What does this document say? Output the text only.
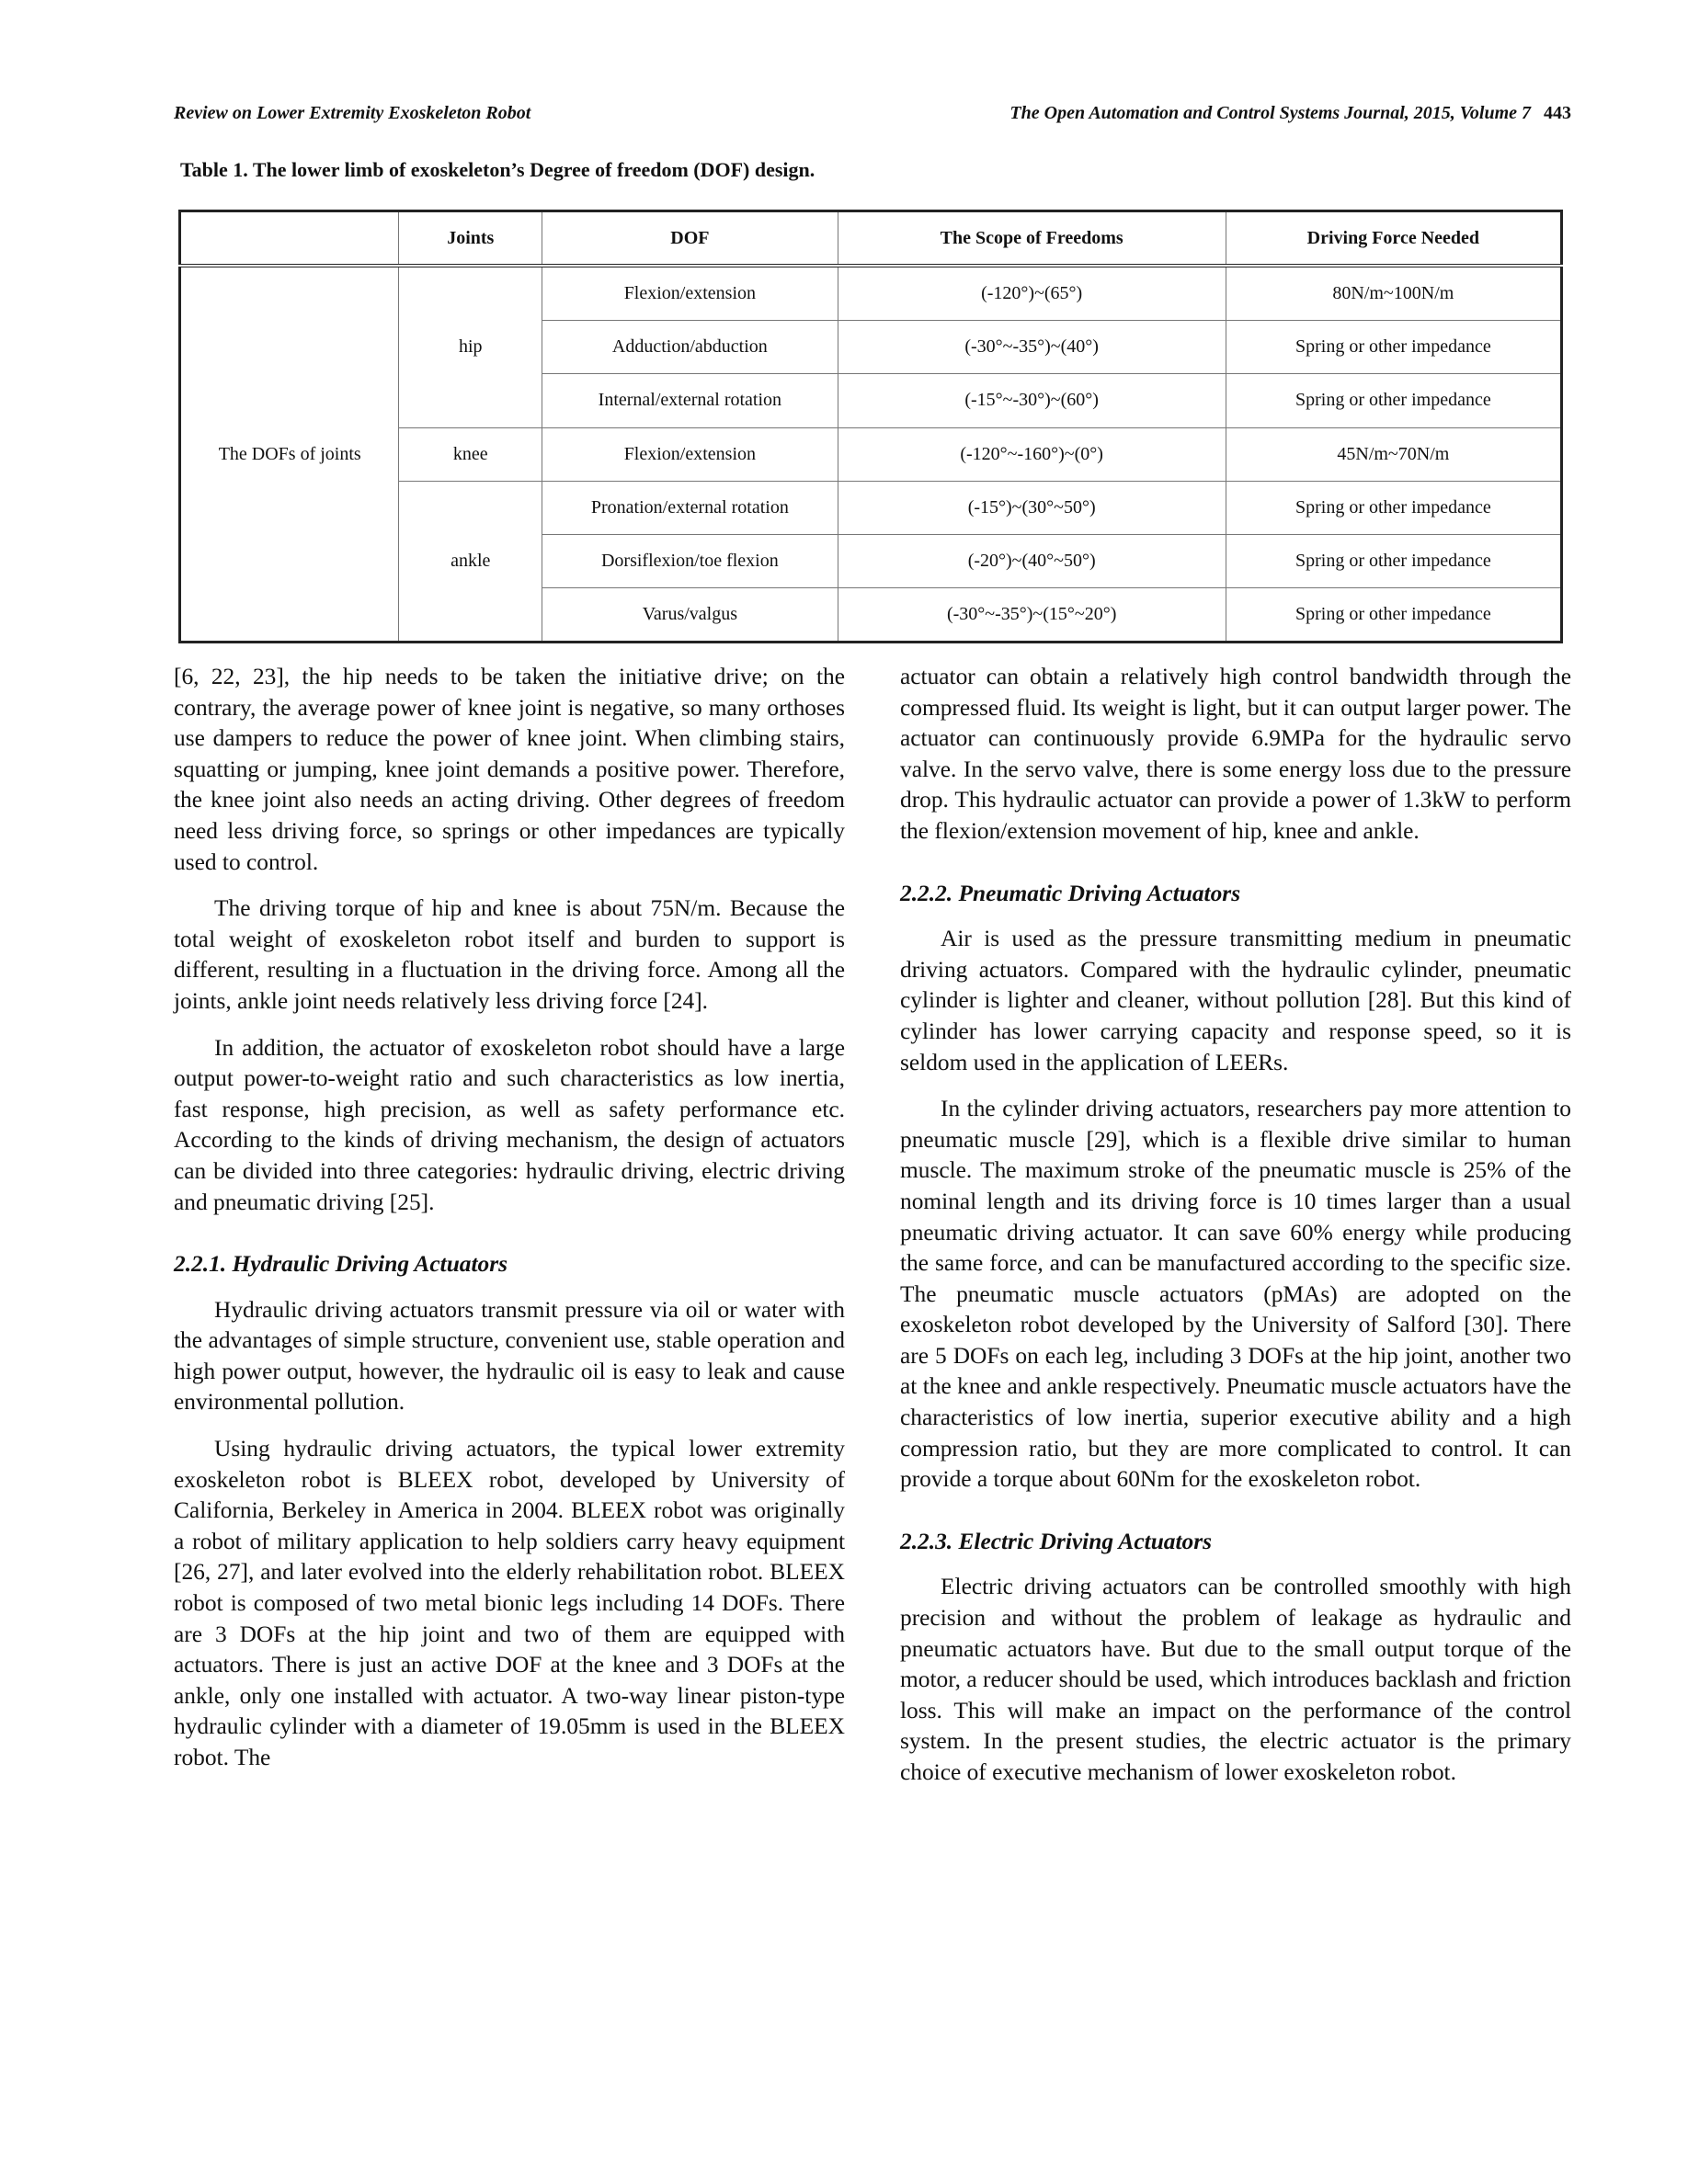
Review on Lower Extremity Exoskeleton Robot	The Open Automation and Control Systems Journal, 2015, Volume 7 443
Table 1. The lower limb of exoskeleton’s Degree of freedom (DOF) design.
	Joints	DOF	The Scope of Freedoms	Driving Force Needed
The DOFs of joints	hip	Flexion/extension	(-120°)~(65°)	80N/m~100N/m
		Adduction/abduction	(-30°~-35°)~(40°)	Spring or other impedance
		Internal/external rotation	(-15°~-30°)~(60°)	Spring or other impedance
	knee	Flexion/extension	(-120°~-160°)~(0°)	45N/m~70N/m
	ankle	Pronation/external rotation	(-15°)~(30°~50°)	Spring or other impedance
		Dorsiflexion/toe flexion	(-20°)~(40°~50°)	Spring or other impedance
		Varus/valgus	(-30°~-35°)~(15°~20°)	Spring or other impedance

[6, 22, 23], the hip needs to be taken the initiative drive; on the contrary, the average power of knee joint is negative, so many orthoses use dampers to reduce the power of knee joint. When climbing stairs, squatting or jumping, knee joint demands a positive power. Therefore, the knee joint also needs an acting driving. Other degrees of freedom need less driving force, so springs or other impedances are typically used to control.

The driving torque of hip and knee is about 75N/m. Because the total weight of exoskeleton robot itself and burden to support is different, resulting in a fluctuation in the driving force. Among all the joints, ankle joint needs relatively less driving force [24].

In addition, the actuator of exoskeleton robot should have a large output power-to-weight ratio and such characteristics as low inertia, fast response, high precision, as well as safety performance etc. According to the kinds of driving mechanism, the design of actuators can be divided into three categories: hydraulic driving, electric driving and pneumatic driving [25].

2.2.1. Hydraulic Driving Actuators

Hydraulic driving actuators transmit pressure via oil or water with the advantages of simple structure, convenient use, stable operation and high power output, however, the hydraulic oil is easy to leak and cause environmental pollution.

Using hydraulic driving actuators, the typical lower extremity exoskeleton robot is BLEEX robot, developed by University of California, Berkeley in America in 2004. BLEEX robot was originally a robot of military application to help soldiers carry heavy equipment [26, 27], and later evolved into the elderly rehabilitation robot. BLEEX robot is composed of two metal bionic legs including 14 DOFs. There are 3 DOFs at the hip joint and two of them are equipped with actuators. There is just an active DOF at the knee and 3 DOFs at the ankle, only one installed with actuator. A two-way linear piston-type hydraulic cylinder with a diameter of 19.05mm is used in the BLEEX robot. The

actuator can obtain a relatively high control bandwidth through the compressed fluid. Its weight is light, but it can output larger power. The actuator can continuously provide 6.9MPa for the hydraulic servo valve. In the servo valve, there is some energy loss due to the pressure drop. This hydraulic actuator can provide a power of 1.3kW to perform the flexion/extension movement of hip, knee and ankle.

2.2.2. Pneumatic Driving Actuators

Air is used as the pressure transmitting medium in pneumatic driving actuators. Compared with the hydraulic cylinder, pneumatic cylinder is lighter and cleaner, without pollution [28]. But this kind of cylinder has lower carrying capacity and response speed, so it is seldom used in the application of LEERs.

In the cylinder driving actuators, researchers pay more attention to pneumatic muscle [29], which is a flexible drive similar to human muscle. The maximum stroke of the pneumatic muscle is 25% of the nominal length and its driving force is 10 times larger than a usual pneumatic driving actuator. It can save 60% energy while producing the same force, and can be manufactured according to the specific size. The pneumatic muscle actuators (pMAs) are adopted on the exoskeleton robot developed by the University of Salford [30]. There are 5 DOFs on each leg, including 3 DOFs at the hip joint, another two at the knee and ankle respectively. Pneumatic muscle actuators have the characteristics of low inertia, superior executive ability and a high compression ratio, but they are more complicated to control. It can provide a torque about 60Nm for the exoskeleton robot.

2.2.3. Electric Driving Actuators

Electric driving actuators can be controlled smoothly with high precision and without the problem of leakage as hydraulic and pneumatic actuators have. But due to the small output torque of the motor, a reducer should be used, which introduces backlash and friction loss. This will make an impact on the performance of the control system. In the present studies, the electric actuator is the primary choice of executive mechanism of lower exoskeleton robot.
